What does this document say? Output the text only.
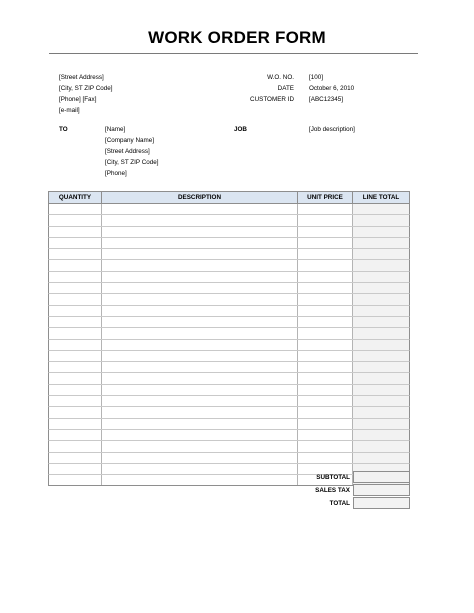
WORK ORDER FORM
[Street Address]
[City, ST ZIP Code]
[Phone] [Fax]
[e-mail]
W.O. NO. [100]
DATE October 6, 2010
CUSTOMER ID [ABC12345]
TO	[Name]
[Company Name]
[Street Address]
[City, ST ZIP Code]
[Phone]
JOB	[Job description]
QUANTITY	DESCRIPTION	UNIT PRICE	LINE TOTAL
SUBTOTAL
SALES TAX
TOTAL
